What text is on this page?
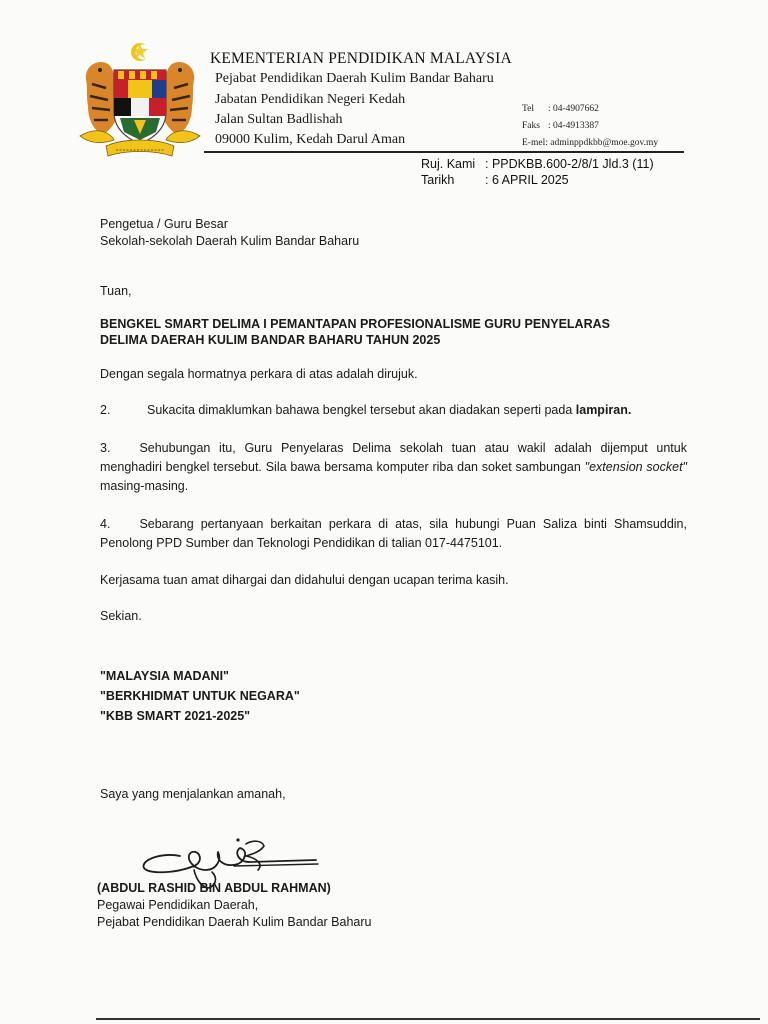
KEMENTERIAN PENDIDIKAN MALAYSIA
Pejabat Pendidikan Daerah Kulim Bandar Baharu
Jabatan Pendidikan Negeri Kedah
Jalan Sultan Badlishah
09000 Kulim, Kedah Darul Aman
Tel : 04-4907662
Faks : 04-4913387
E-mel: adminppdkbb@moe.gov.my
Ruj. Kami : PPDKBB.600-2/8/1 Jld.3 (11)
Tarikh : 6 APRIL 2025
Pengetua / Guru Besar
Sekolah-sekolah Daerah Kulim Bandar Baharu
Tuan,
BENGKEL SMART DELIMA I PEMANTAPAN PROFESIONALISME GURU PENYELARAS
DELIMA DAERAH KULIM BANDAR BAHARU TAHUN 2025
Dengan segala hormatnya perkara di atas adalah dirujuk.
2.	Sukacita dimaklumkan bahawa bengkel tersebut akan diadakan seperti pada lampiran.
3. Sehubungan itu, Guru Penyelaras Delima sekolah tuan atau wakil adalah dijemput untuk menghadiri bengkel tersebut. Sila bawa bersama komputer riba dan soket sambungan "extension socket" masing-masing.
4. Sebarang pertanyaan berkaitan perkara di atas, sila hubungi Puan Saliza binti Shamsuddin, Penolong PPD Sumber dan Teknologi Pendidikan di talian 017-4475101.
Kerjasama tuan amat dihargai dan didahului dengan ucapan terima kasih.
Sekian.
"MALAYSIA MADANI"
"BERKHIDMAT UNTUK NEGARA"
"KBB SMART 2021-2025"
Saya yang menjalankan amanah,
(ABDUL RASHID BIN ABDUL RAHMAN)
Pegawai Pendidikan Daerah,
Pejabat Pendidikan Daerah Kulim Bandar Baharu
